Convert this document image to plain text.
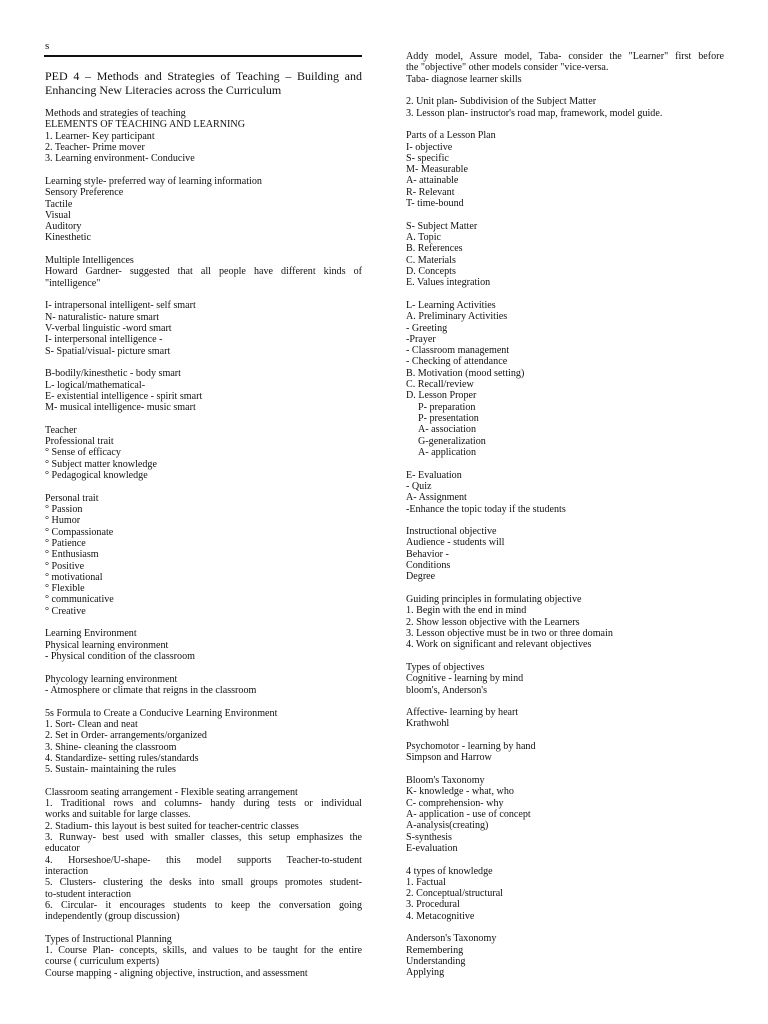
s
PED 4 – Methods and Strategies of Teaching – Building and Enhancing New Literacies across the Curriculum
Methods and strategies of teaching
ELEMENTS OF TEACHING AND LEARNING
1. Learner- Key participant
2. Teacher- Prime mover
3. Learning environment- Conducive
Learning style- preferred way of learning information
Sensory Preference
Tactile
Visual
Auditory
Kinesthetic
Multiple Intelligences
Howard Gardner- suggested that all people have different kinds of
"intelligence"
I- intrapersonal intelligent- self smart
N- naturalistic- nature smart
V-verbal linguistic -word smart
I- interpersonal intelligence -
S- Spatial/visual- picture smart
B-bodily/kinesthetic - body smart
L- logical/mathematical-
E- existential intelligence - spirit smart
M- musical intelligence- music smart
Teacher
Professional trait
° Sense of efficacy
° Subject matter knowledge
° Pedagogical knowledge
Personal trait
° Passion
° Humor
° Compassionate
° Patience
° Enthusiasm
° Positive
° motivational
° Flexible
° communicative
° Creative
Learning Environment
Physical learning environment
- Physical condition of the classroom
Phycology learning environment
- Atmosphere or climate that reigns in the classroom
5s Formula to Create a Conducive Learning Environment
1. Sort- Clean and neat
2. Set in Order- arrangements/organized
3. Shine- cleaning the classroom
4. Standardize- setting rules/standards
5. Sustain- maintaining the rules
Classroom seating arrangement - Flexible seating arrangement
1. Traditional rows and columns- handy during tests or individual
works and suitable for large classes.
2. Stadium- this layout is best suited for teacher-centric classes
3. Runway- best used with smaller classes, this setup emphasizes the
educator
4. Horseshoe/U-shape- this model supports Teacher-to-student
interaction
5. Clusters- clustering the desks into small groups promotes student-
to-student interaction
6. Circular- it encourages students to keep the conversation going
independently (group discussion)
Types of Instructional Planning
1. Course Plan- concepts, skills, and values to be taught for the entire
course ( curriculum experts)
Course mapping - aligning objective, instruction, and assessment
Addy model, Assure model, Taba- consider the "Learner" first before
the "objective" other models consider "vice-versa.
Taba- diagnose learner skills
2. Unit plan- Subdivision of the Subject Matter
3. Lesson plan- instructor's road map, framework, model guide.
Parts of a Lesson Plan
I- objective
S- specific
M- Measurable
A- attainable
R- Relevant
T- time-bound
S- Subject Matter
A. Topic
B. References
C. Materials
D. Concepts
E. Values integration
L- Learning Activities
A. Preliminary Activities
- Greeting
-Prayer
- Classroom management
- Checking of attendance
B. Motivation (mood setting)
C. Recall/review
D. Lesson Proper
P- preparation
P- presentation
A- association
G-generalization
A- application
E- Evaluation
- Quiz
A- Assignment
-Enhance the topic today if the students
Instructional objective
Audience - students will
Behavior -
Conditions
Degree
Guiding principles in formulating objective
1. Begin with the end in mind
2. Show lesson objective with the Learners
3. Lesson objective must be in two or three domain
4. Work on significant and relevant objectives
Types of objectives
Cognitive - learning by mind
bloom's, Anderson's
Affective- learning by heart
Krathwohl
Psychomotor - learning by hand
Simpson and Harrow
Bloom's Taxonomy
K- knowledge - what, who
C- comprehension- why
A- application - use of concept
A-analysis(creating)
S-synthesis
E-evaluation
4 types of knowledge
1. Factual
2. Conceptual/structural
3. Procedural
4. Metacognitive
Anderson's Taxonomy
Remembering
Understanding
Applying
